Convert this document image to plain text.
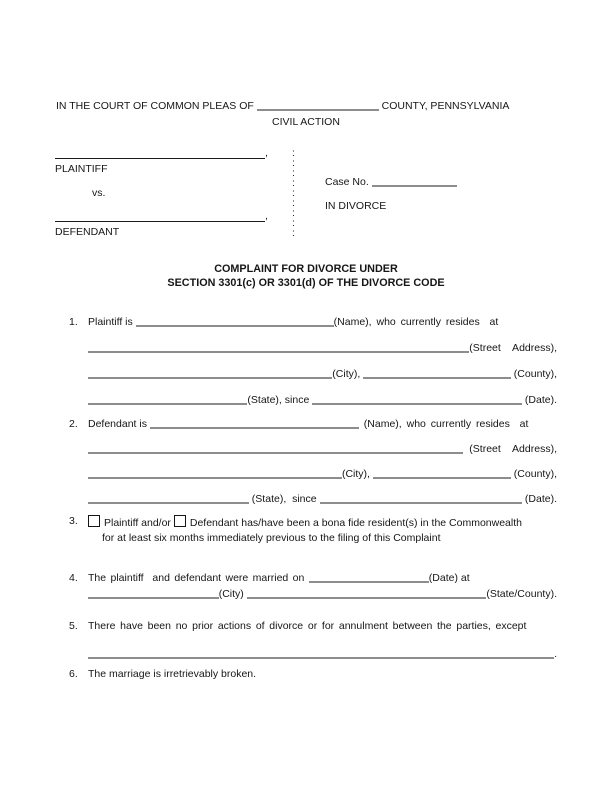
IN THE COURT OF COMMON PLEAS OF	COUNTY, PENNSYLVANIA
CIVIL ACTION
,
PLAINTIFF
vs.
,
DEFENDANT
:
:
:
:
:
:
:
:
:
Case No.
IN DIVORCE
COMPLAINT FOR DIVORCE UNDER
SECTION 3301(c) OR 3301(d) OF THE DIVORCE CODE
1. Plaintiff is	(Name), who currently resides  at
(Street  Address),
(City),	(County),
(State), since	(Date).
2. Defendant is	(Name), who currently resides  at
(Street  Address),
(City),	(County),
(State),  since	(Date).
3.	Plaintiff and/or Defendant has/have been a bona fide resident(s) in the Commonwealth
for at least six months immediately previous to the filing of this Complaint
4. The plaintiff  and defendant were married on	(Date) at
(City)	(State/County).
5. There have been no prior actions of divorce or for annulment between the parties, except
.
6. The marriage is irretrievably broken.
